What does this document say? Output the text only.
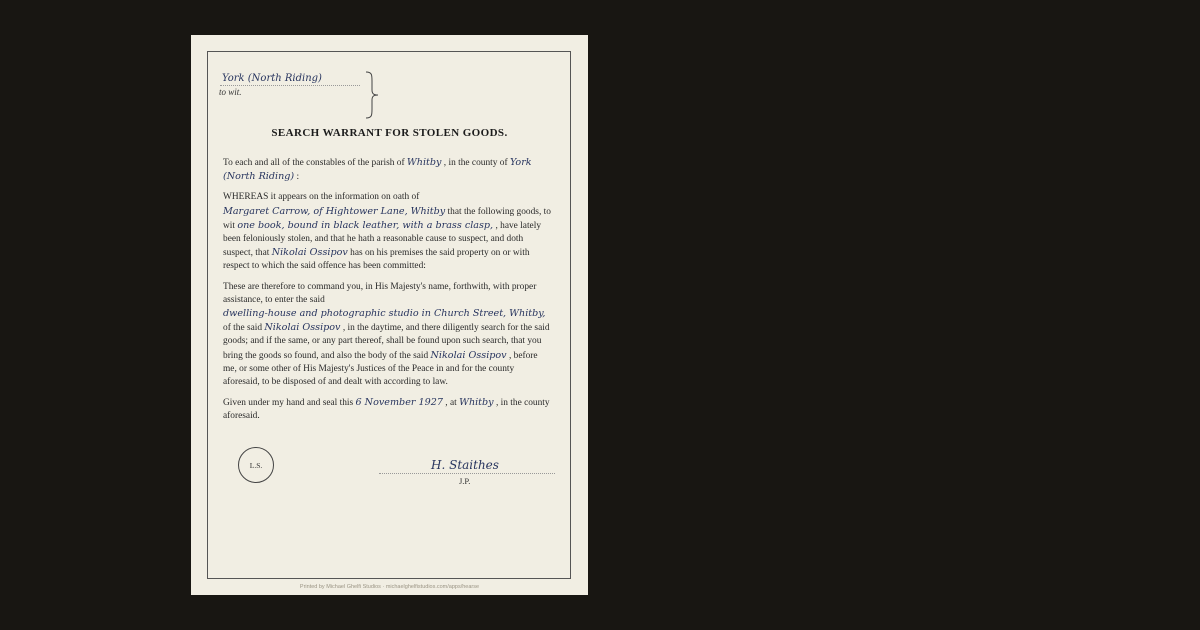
York (North Riding)
to wit.
SEARCH WARRANT FOR STOLEN GOODS.

To each and all of the constables of the parish of Whitby , in the county of York (North Riding) :

WHEREAS it appears on the information on oath of
Margaret Carrow, of Hightower Lane, Whitby that the following goods, to wit one book, bound in black leather, with a brass clasp, , have lately been feloniously stolen, and that he hath a reasonable cause to suspect, and doth suspect, that Nikolai Ossipov has on his premises the said property on or with respect to which the said offence has been committed:

These are therefore to command you, in His Majesty's name, forthwith, with proper assistance, to enter the said
dwelling-house and photographic studio in Church Street, Whitby, of the said Nikolai Ossipov , in the daytime, and there diligently search for the said goods; and if the same, or any part thereof, shall be found upon such search, that you bring the goods so found, and also the body of the said Nikolai Ossipov , before me, or some other of His Majesty's Justices of the Peace in and for the county aforesaid, to be disposed of and dealt with according to law.

Given under my hand and seal this 6 November 1927 , at Whitby , in the county aforesaid.

L.S.	H. Staithes
J.P.
Printed by Michael Ghelfi Studios · michaelghelfistudios.com/apps/hearse
